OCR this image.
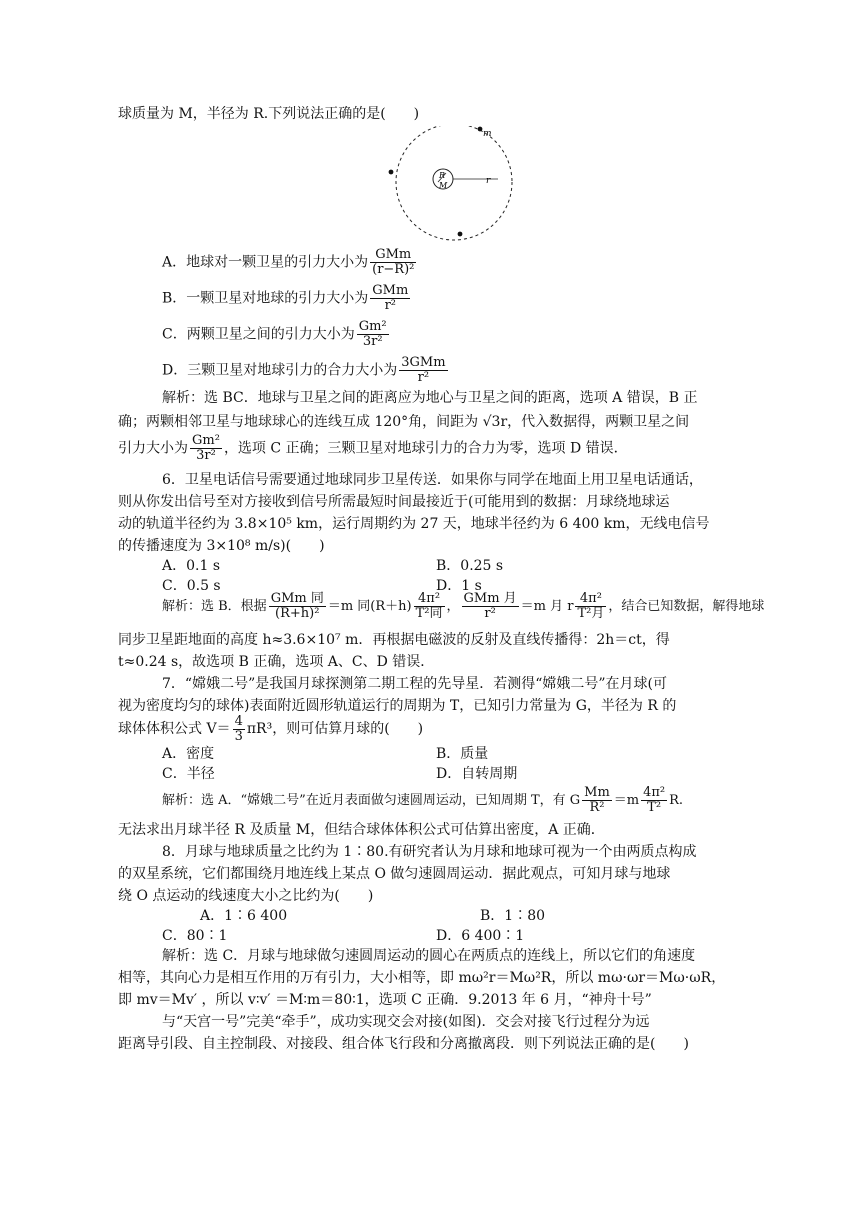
球质量为 M，半径为 R.下列说法正确的是(　　)
m
R
M	r
A．地球对一颗卫星的引力大小为 $\frac{\text{GMm}}{\text{(r−R)²}}$
B．一颗卫星对地球的引力大小为 $\frac{\text{GMm}}{\text{r²}}$
C．两颗卫星之间的引力大小为 $\frac{\text{Gm²}}{\text{3r²}}$
D．三颗卫星对地球引力的合力大小为 $\frac{\text{3GMm}}{\text{r²}}$
解析：选 BC．地球与卫星之间的距离应为地心与卫星之间的距离，选项 A 错误，B 正
确；两颗相邻卫星与地球球心的连线互成 120°角，间距为 √3r，代入数据得，两颗卫星之间
引力大小为 $\frac{\text{Gm²}}{\text{3r²}}$ ，选项 C 正确；三颗卫星对地球引力的合力为零，选项 D 错误．
6．卫星电话信号需要通过地球同步卫星传送．如果你与同学在地面上用卫星电话通话，
则从你发出信号至对方接收到信号所需最短时间最接近于(可能用到的数据：月球绕地球运
动的轨道半径约为 3.8×10⁵ km，运行周期约为 27 天，地球半径约为 6 400 km，无线电信号
的传播速度为 3×10⁸ m/s)(　　)
A．0.1 s	B．0.25 s
C．0.5 s	D．1 s
解析：选 B．根据 $\frac{\text{GMm 同}}{\text{(R+h)²}} =m$ 同$(R+h) \frac{\text{4π²}}{\text{T²同}}$ ， $\frac{\text{GMm 月}}{\text{r²}} =m$ 月 r $\frac{\text{4π²}}{\text{T²月}}$ ，结合已知数据，解得地球
同步卫星距地面的高度 h≈3.6×10⁷ m．再根据电磁波的反射及直线传播得：2h＝ct，得
t≈0.24 s，故选项 B 正确，选项 A、C、D 错误．
7．“嫦娥二号”是我国月球探测第二期工程的先导星．若测得“嫦娥二号”在月球(可
视为密度均匀的球体)表面附近圆形轨道运行的周期为 T，已知引力常量为 G，半径为 R 的
球体体积公式 $V= \frac{4}{3} \pi R^3$，则可估算月球的(　　)
A．密度	B．质量
C．半径	D．自转周期
解析：选 A．“嫦娥二号”在近月表面做匀速圆周运动，已知周期 T，有 G $\frac{Mm}{\text{R²}} =m \frac{\text{4π²}}{\text{T²}} R$.
无法求出月球半径 R 及质量 M，但结合球体体积公式可估算出密度，A 正确．
8．月球与地球质量之比约为 1∶80.有研究者认为月球和地球可视为一个由两质点构成
的双星系统，它们都围绕月地连线上某点 O 做匀速圆周运动．据此观点，可知月球与地球
绕 O 点运动的线速度大小之比约为(　　)
A．1∶6 400	B．1∶80
C．80∶1	D．6 400∶1
解析：选 C．月球与地球做匀速圆周运动的圆心在两质点的连线上，所以它们的角速度
相等，其向心力是相互作用的万有引力，大小相等，即 mω²r＝Mω²R，所以 mω·ωr＝Mω·ωR，
即 mv＝Mv′ ，所以 v∶v′ ＝M∶m＝80∶1，选项 C 正确．9.2013 年 6 月，“神舟十号”
与“天宫一号”完美“牵手”，成功实现交会对接(如图)．交会对接飞行过程分为远
距离导引段、自主控制段、对接段、组合体飞行段和分离撤离段．则下列说法正确的是(　　)
